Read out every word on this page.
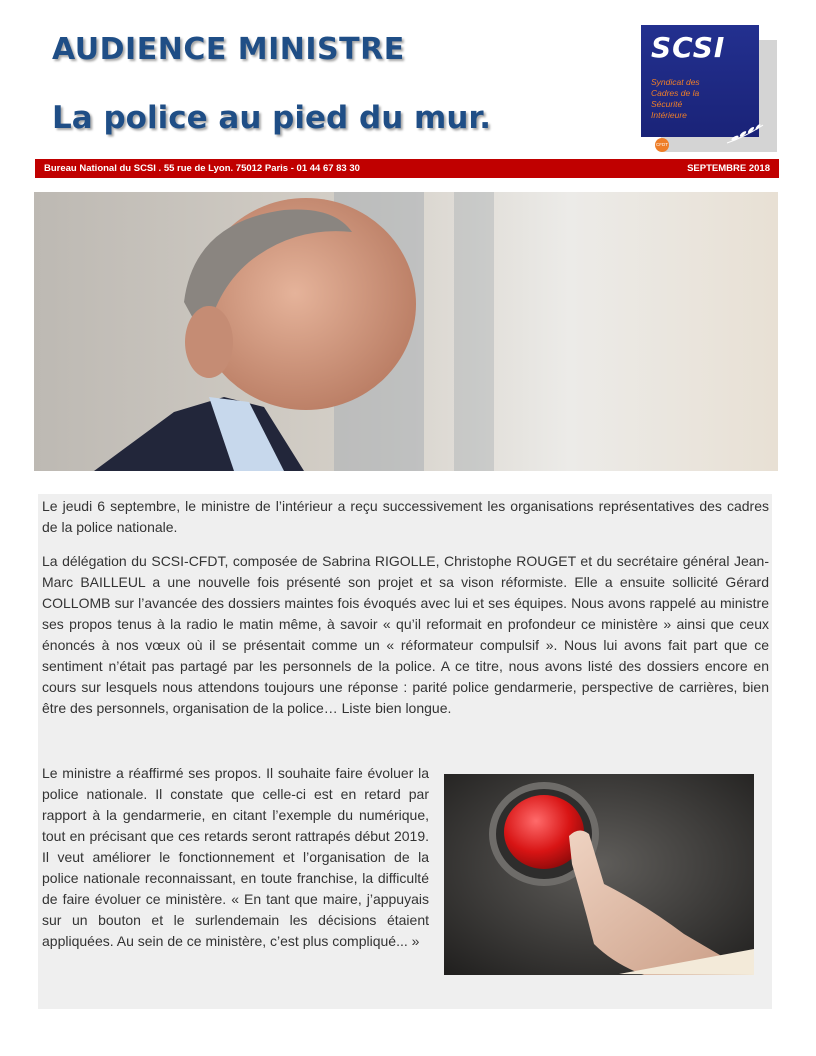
AUDIENCE MINISTRE
La police au pied du mur.
SCSI
Syndicat des
Cadres de la
Sécurité
Intérieure
CFDT
Bureau National du SCSI . 55 rue de Lyon. 75012 Paris - 01 44 67 83 30	SEPTEMBRE 2018

Le jeudi 6 septembre, le ministre de l’intérieur a reçu successivement les organisations représentatives des cadres de la police nationale.

La délégation du SCSI-CFDT, composée de Sabrina RIGOLLE, Christophe ROUGET et du secrétaire général Jean-Marc BAILLEUL a une nouvelle fois présenté son projet et sa vison réformiste. Elle a ensuite sollicité Gérard COLLOMB sur l’avancée des dossiers maintes fois évoqués avec lui et ses équipes. Nous avons rappelé au ministre ses propos tenus à la radio le matin même, à savoir « qu’il reformait en profondeur ce ministère » ainsi que ceux énoncés à nos vœux où il se présentait comme un « réformateur compulsif ». Nous lui avons fait part que ce sentiment n’était pas partagé par les personnels de la police. A ce titre, nous avons listé des dossiers encore en cours sur lesquels nous attendons toujours une réponse : parité police gendarmerie, perspective de carrières, bien être des personnels, organisation de la police… Liste bien longue.

Le ministre a réaffirmé ses propos. Il souhaite faire évoluer la police nationale. Il constate que celle-ci est en retard par rapport à la gendarmerie, en citant l’exemple du numérique, tout en précisant que ces retards seront rattrapés début 2019. Il veut améliorer le fonctionnement et l’organisation de la police nationale reconnaissant, en toute franchise, la difficulté de faire évoluer ce ministère. « En tant que maire, j’appuyais sur un bouton et le surlendemain les décisions étaient appliquées. Au sein de ce ministère, c’est plus compliqué... »
